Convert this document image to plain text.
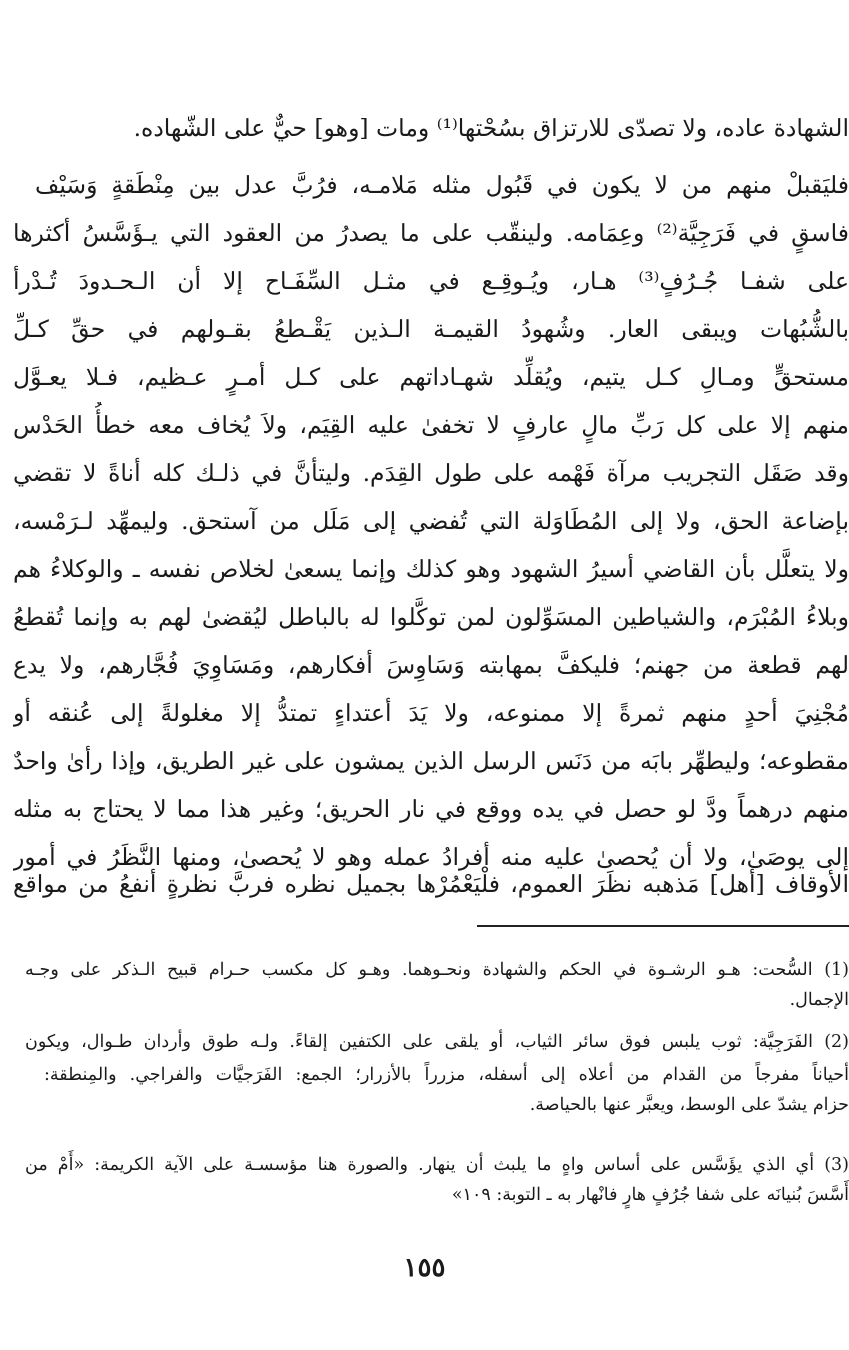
الشهادة عاده، ولا تصدّى للارتزاق بسُحْتها⁽¹⁾ ومات [وهو] حيٌّ على الشّهاده.
فليَقبلْ منهم من لا يكون في قَبُول مثله مَلامـه، فرُبَّ عدل بين مِنْطَقةٍ وَسَيْف
فاسقٍ في فَرَجِيَّة⁽²⁾ وعِمَامه. ولينقّب على ما يصدرُ من العقود التي يـؤَسَّسُ أكثرها
على شفـا جُـرُفٍ⁽³⁾ هـار، ويُـوقِـع في مثـل السِّفَـاح إلا أن الـحـدودَ تُـدْرأ
بالشُّبُهات ويبقى العار. وشُهودُ القيمـة الـذين يَقْـطعُ بقـولهم في حقِّ كـلِّ
مستحقٍّ ومـالِ كـل يتيم، ويُقلِّد شهـاداتهم على كـل أمـرٍ عـظيم، فـلا يعـوَّل
منهم إلا على كل رَبِّ مالٍ عارفٍ لا تخفىٰ عليه القِيَم، ولاَ يُخاف معه خطأُ الحَدْس
وقد صَقَل التجريب مرآة فَهْمه على طول القِدَم. وليتأنَّ في ذلـك كله أناةً لا تقضي
بإضاعة الحق، ولا إلى المُطَاوَلة التي تُفضي إلى مَلَل من آستحق. وليمهِّد لـرَمْسه،
ولا يتعلَّل بأن القاضي أسيرُ الشهود وهو كذلك وإنما يسعىٰ لخلاص نفسه ـ والوكلاءُ هم
وبلاءُ المُبْرَم، والشياطين المسَوِّلون لمن توكَّلوا له بالباطل ليُقضىٰ لهم به وإنما تُقطعُ
لهم قطعة من جهنم؛ فليكفَّ بمهابته وَسَاوِسَ أفكارهم، ومَسَاوِيَ فُجَّارهم، ولا يدع
مُجْنِيَ أحدٍ منهم ثمرةً إلا ممنوعه، ولا يَدَ أعتداءٍ تمتدُّ إلا مغلولةً إلى عُنقه أو
مقطوعه؛ وليطهِّر بابَه من دَنَس الرسل الذين يمشون على غير الطريق، وإذا رأىٰ واحدٌ
منهم درهماً ودَّ لو حصل في يده ووقع في نار الحريق؛ وغير هذا مما لا يحتاج به مثله
إلى يوصَىٰ، ولا أن يُحصىٰ عليه منه أفرادُ عمله وهو لا يُحصىٰ، ومنها النَّظَرُ في أمور
الأوقاف [أهل] مَذهبه نظَرَ العموم، فلْيَعْمُرْها بجميل نظره فربَّ نظرةٍ أنفعُ من مواقع
(1) السُّحت: هـو الرشـوة في الحكم والشهادة ونحـوهما. وهـو كل مكسب حـرام قبيح الـذكر على وجـه
الإجمال.
(2) الفَرَجِيَّة: ثوب يلبس فوق سائر الثياب، أو يلقى على الكتفين إلقاءً. ولـه طوق وأردان طـوال، ويكون
أحياناً مفرجاً من القدام من أعلاه إلى أسفله، مزرراً بالأزرار؛ الجمع: الفَرَجيَّات والفراجي. والمِنطقة:
حزام يشدّ على الوسط، ويعبَّر عنها بالحياصة.
(3) أي الذي يؤَسَّس على أساس واهٍ ما يلبث أن ينهار. والصورة هنا مؤسسـة على الآية الكريمة: «أَمْ من
أَسَّسَ بُنيانَه على شفا جُرُفٍ هارٍ فانْهار به ـ التوبة: ١٠٩»
١٥٥
